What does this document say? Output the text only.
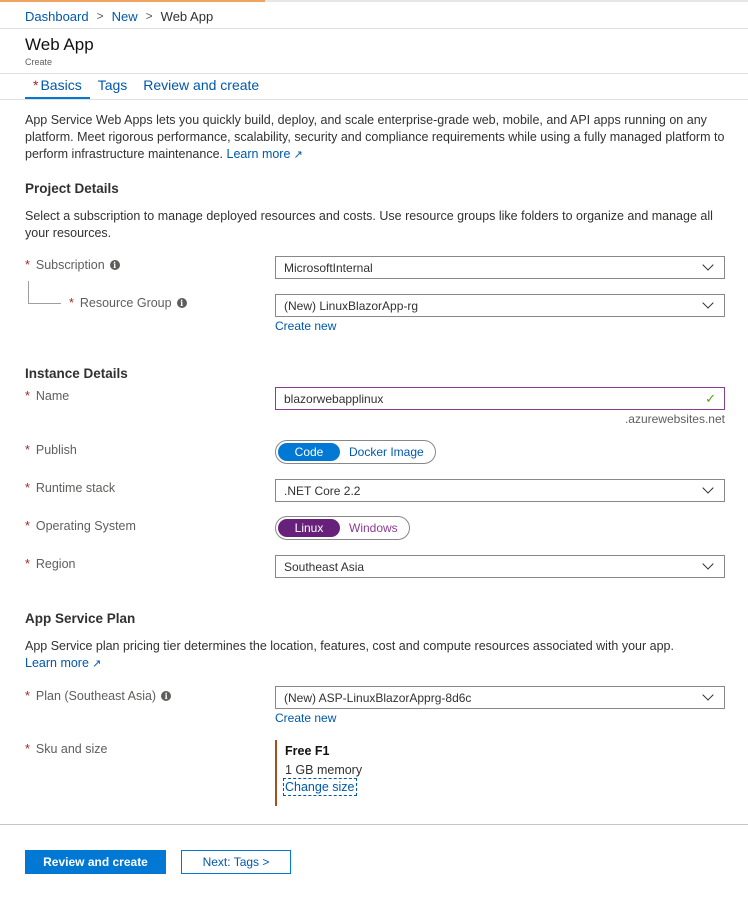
Dashboard > New > Web App
Web App
Create
* Basics	Tags	Review and create
App Service Web Apps lets you quickly build, deploy, and scale enterprise-grade web, mobile, and API apps running on any platform. Meet rigorous performance, scalability, security and compliance requirements while using a fully managed platform to perform infrastructure maintenance. Learn more ↗
Project Details
Select a subscription to manage deployed resources and costs. Use resource groups like folders to organize and manage all your resources.
* Subscription	i	MicrosoftInternal
* Resource Group	i	(New) LinuxBlazorApp-rg
Create new
Instance Details
* Name	blazorwebapplinux	✓
.azurewebsites.net
* Publish	Code	Docker Image
* Runtime stack	.NET Core 2.2
* Operating System	Linux	Windows
* Region	Southeast Asia
App Service Plan
App Service plan pricing tier determines the location, features, cost and compute resources associated with your app.
Learn more ↗
* Plan (Southeast Asia)	i	(New) ASP-LinuxBlazorApprg-8d6c
Create new
* Sku and size	Free F1
1 GB memory
Change size
Review and create	Next: Tags >
